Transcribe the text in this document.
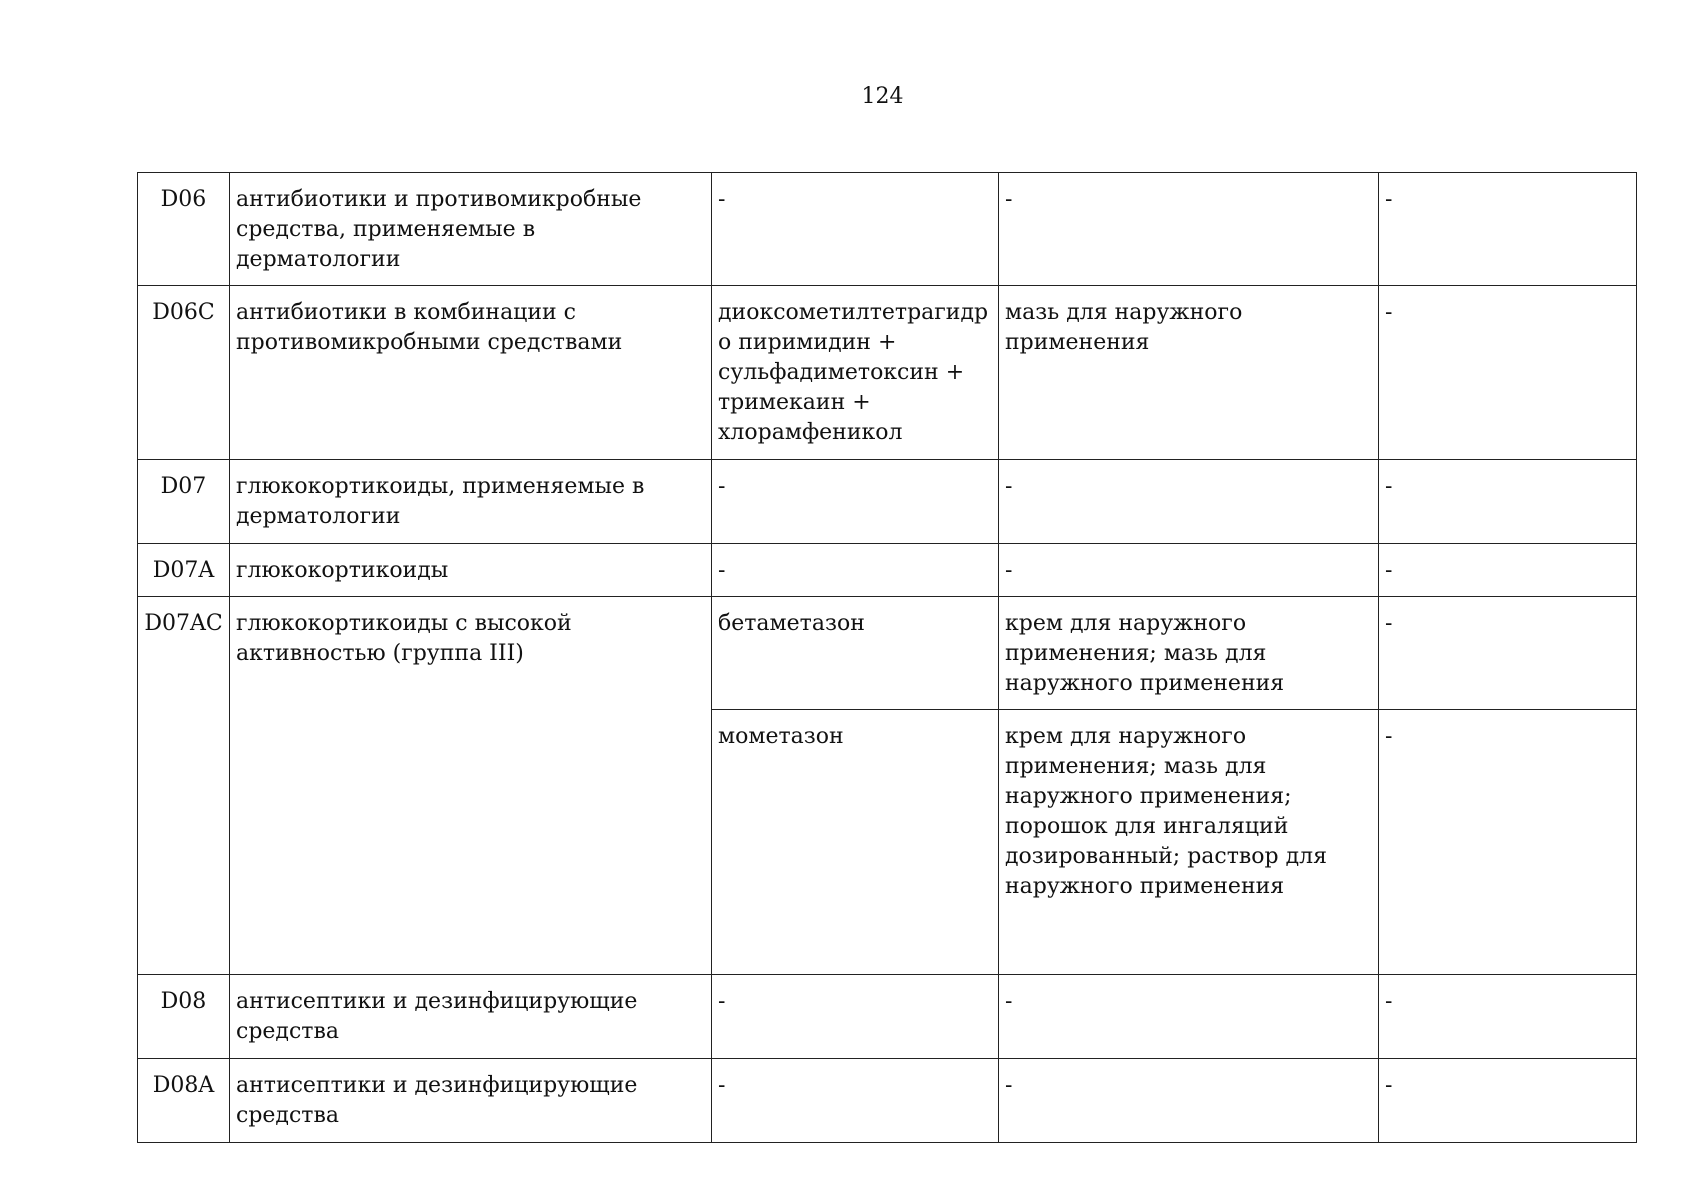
124
D06	антибиотики и противомикробные средства, применяемые в дерматологии	-	-	-
D06C	антибиотики в комбинации с противомикробными средствами	диоксометилтетрагидро пиримидин + сульфадиметоксин + тримекаин + хлорамфеникол	мазь для наружного применения	-
D07	глюкокортикоиды, применяемые в дерматологии	-	-	-
D07A	глюкокортикоиды	-	-	-
D07AC	глюкокортикоиды с высокой активностью (группа III)	бетаметазон	крем для наружного применения; мазь для наружного применения	-
		мометазон	крем для наружного применения; мазь для наружного применения; порошок для ингаляций дозированный; раствор для наружного применения	-
D08	антисептики и дезинфицирующие средства	-	-	-
D08A	антисептики и дезинфицирующие средства	-	-	-
